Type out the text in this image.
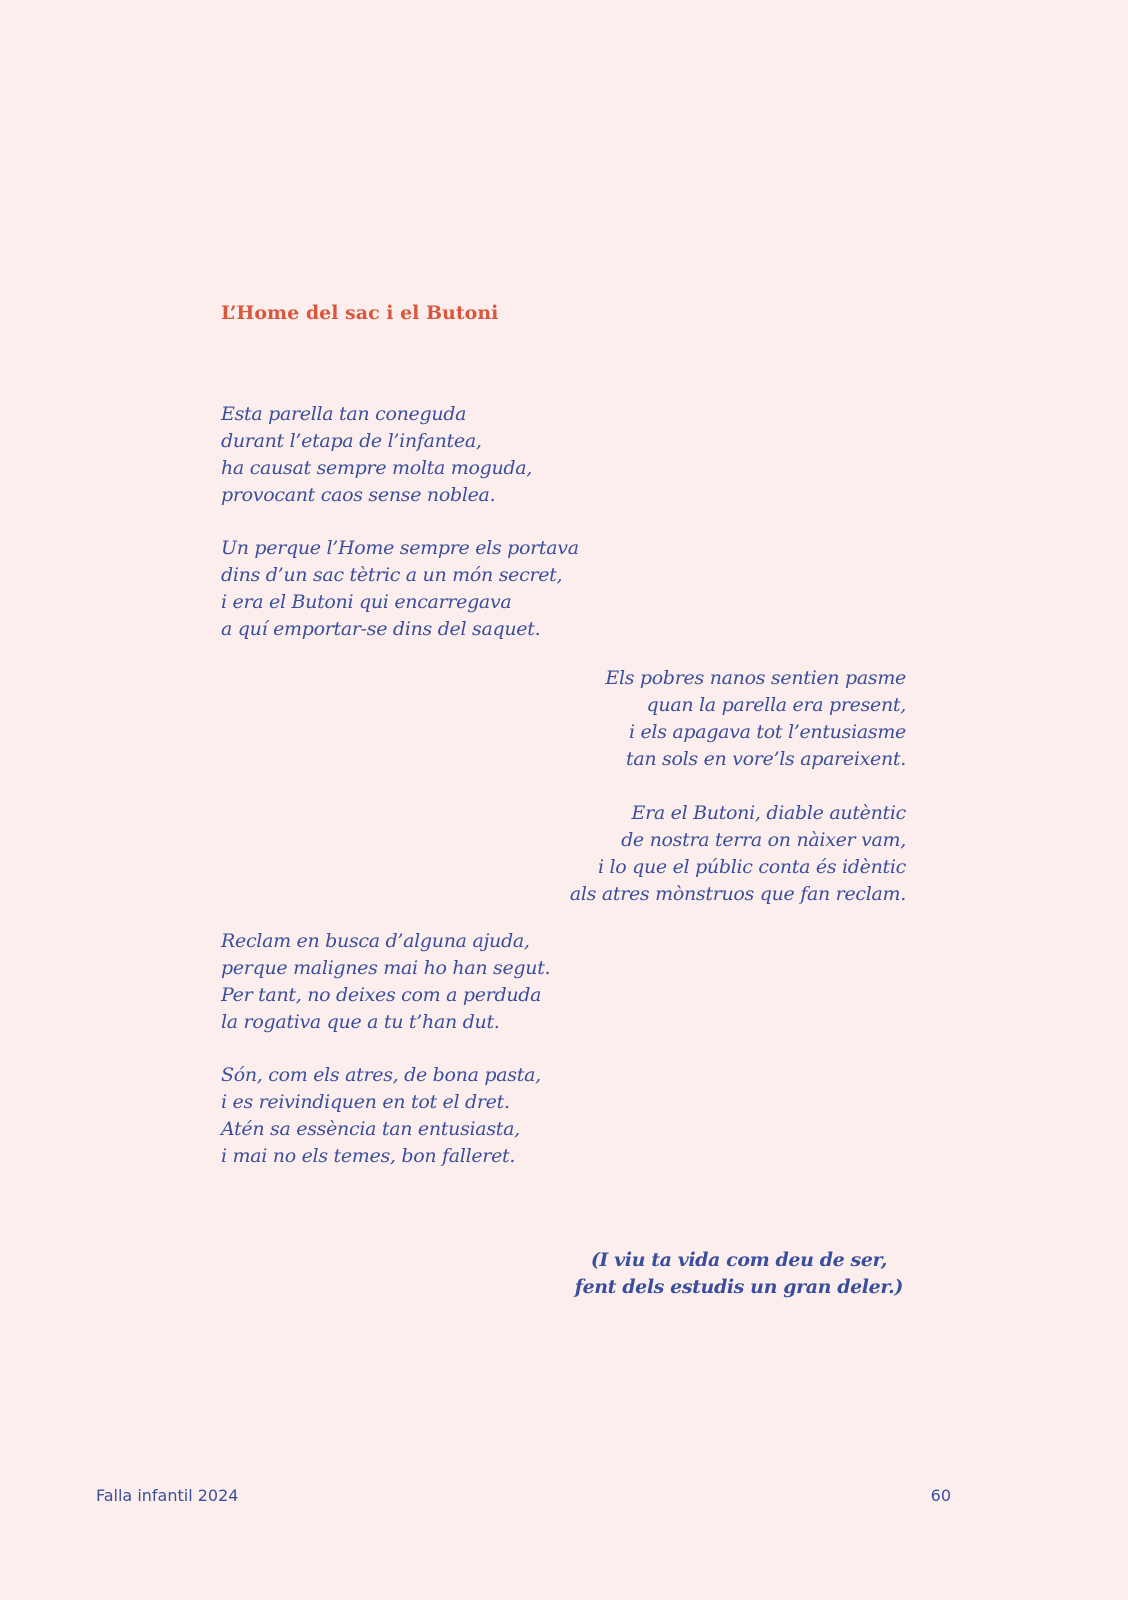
L’Home del sac i el Butoni

Esta parella tan coneguda
durant l’etapa de l’infantea,
ha causat sempre molta moguda,
provocant caos sense noblea.

Un perque l’Home sempre els portava
dins d’un sac tètric a un món secret,
i era el Butoni qui encarregava
a quí emportar-se dins del saquet.

Els pobres nanos sentien pasme
quan la parella era present,
i els apagava tot l’entusiasme
tan sols en vore’ls apareixent.

Era el Butoni, diable autèntic
de nostra terra on nàixer vam,
i lo que el públic conta és idèntic
als atres mònstruos que fan reclam.

Reclam en busca d’alguna ajuda,
perque malignes mai ho han segut.
Per tant, no deixes com a perduda
la rogativa que a tu t’han dut.

Són, com els atres, de bona pasta,
i es reivindiquen en tot el dret.
Atén sa essència tan entusiasta,
i mai no els temes, bon falleret.

(I viu ta vida com deu de ser,
fent dels estudis un gran deler.)

Falla infantil 2024	60
